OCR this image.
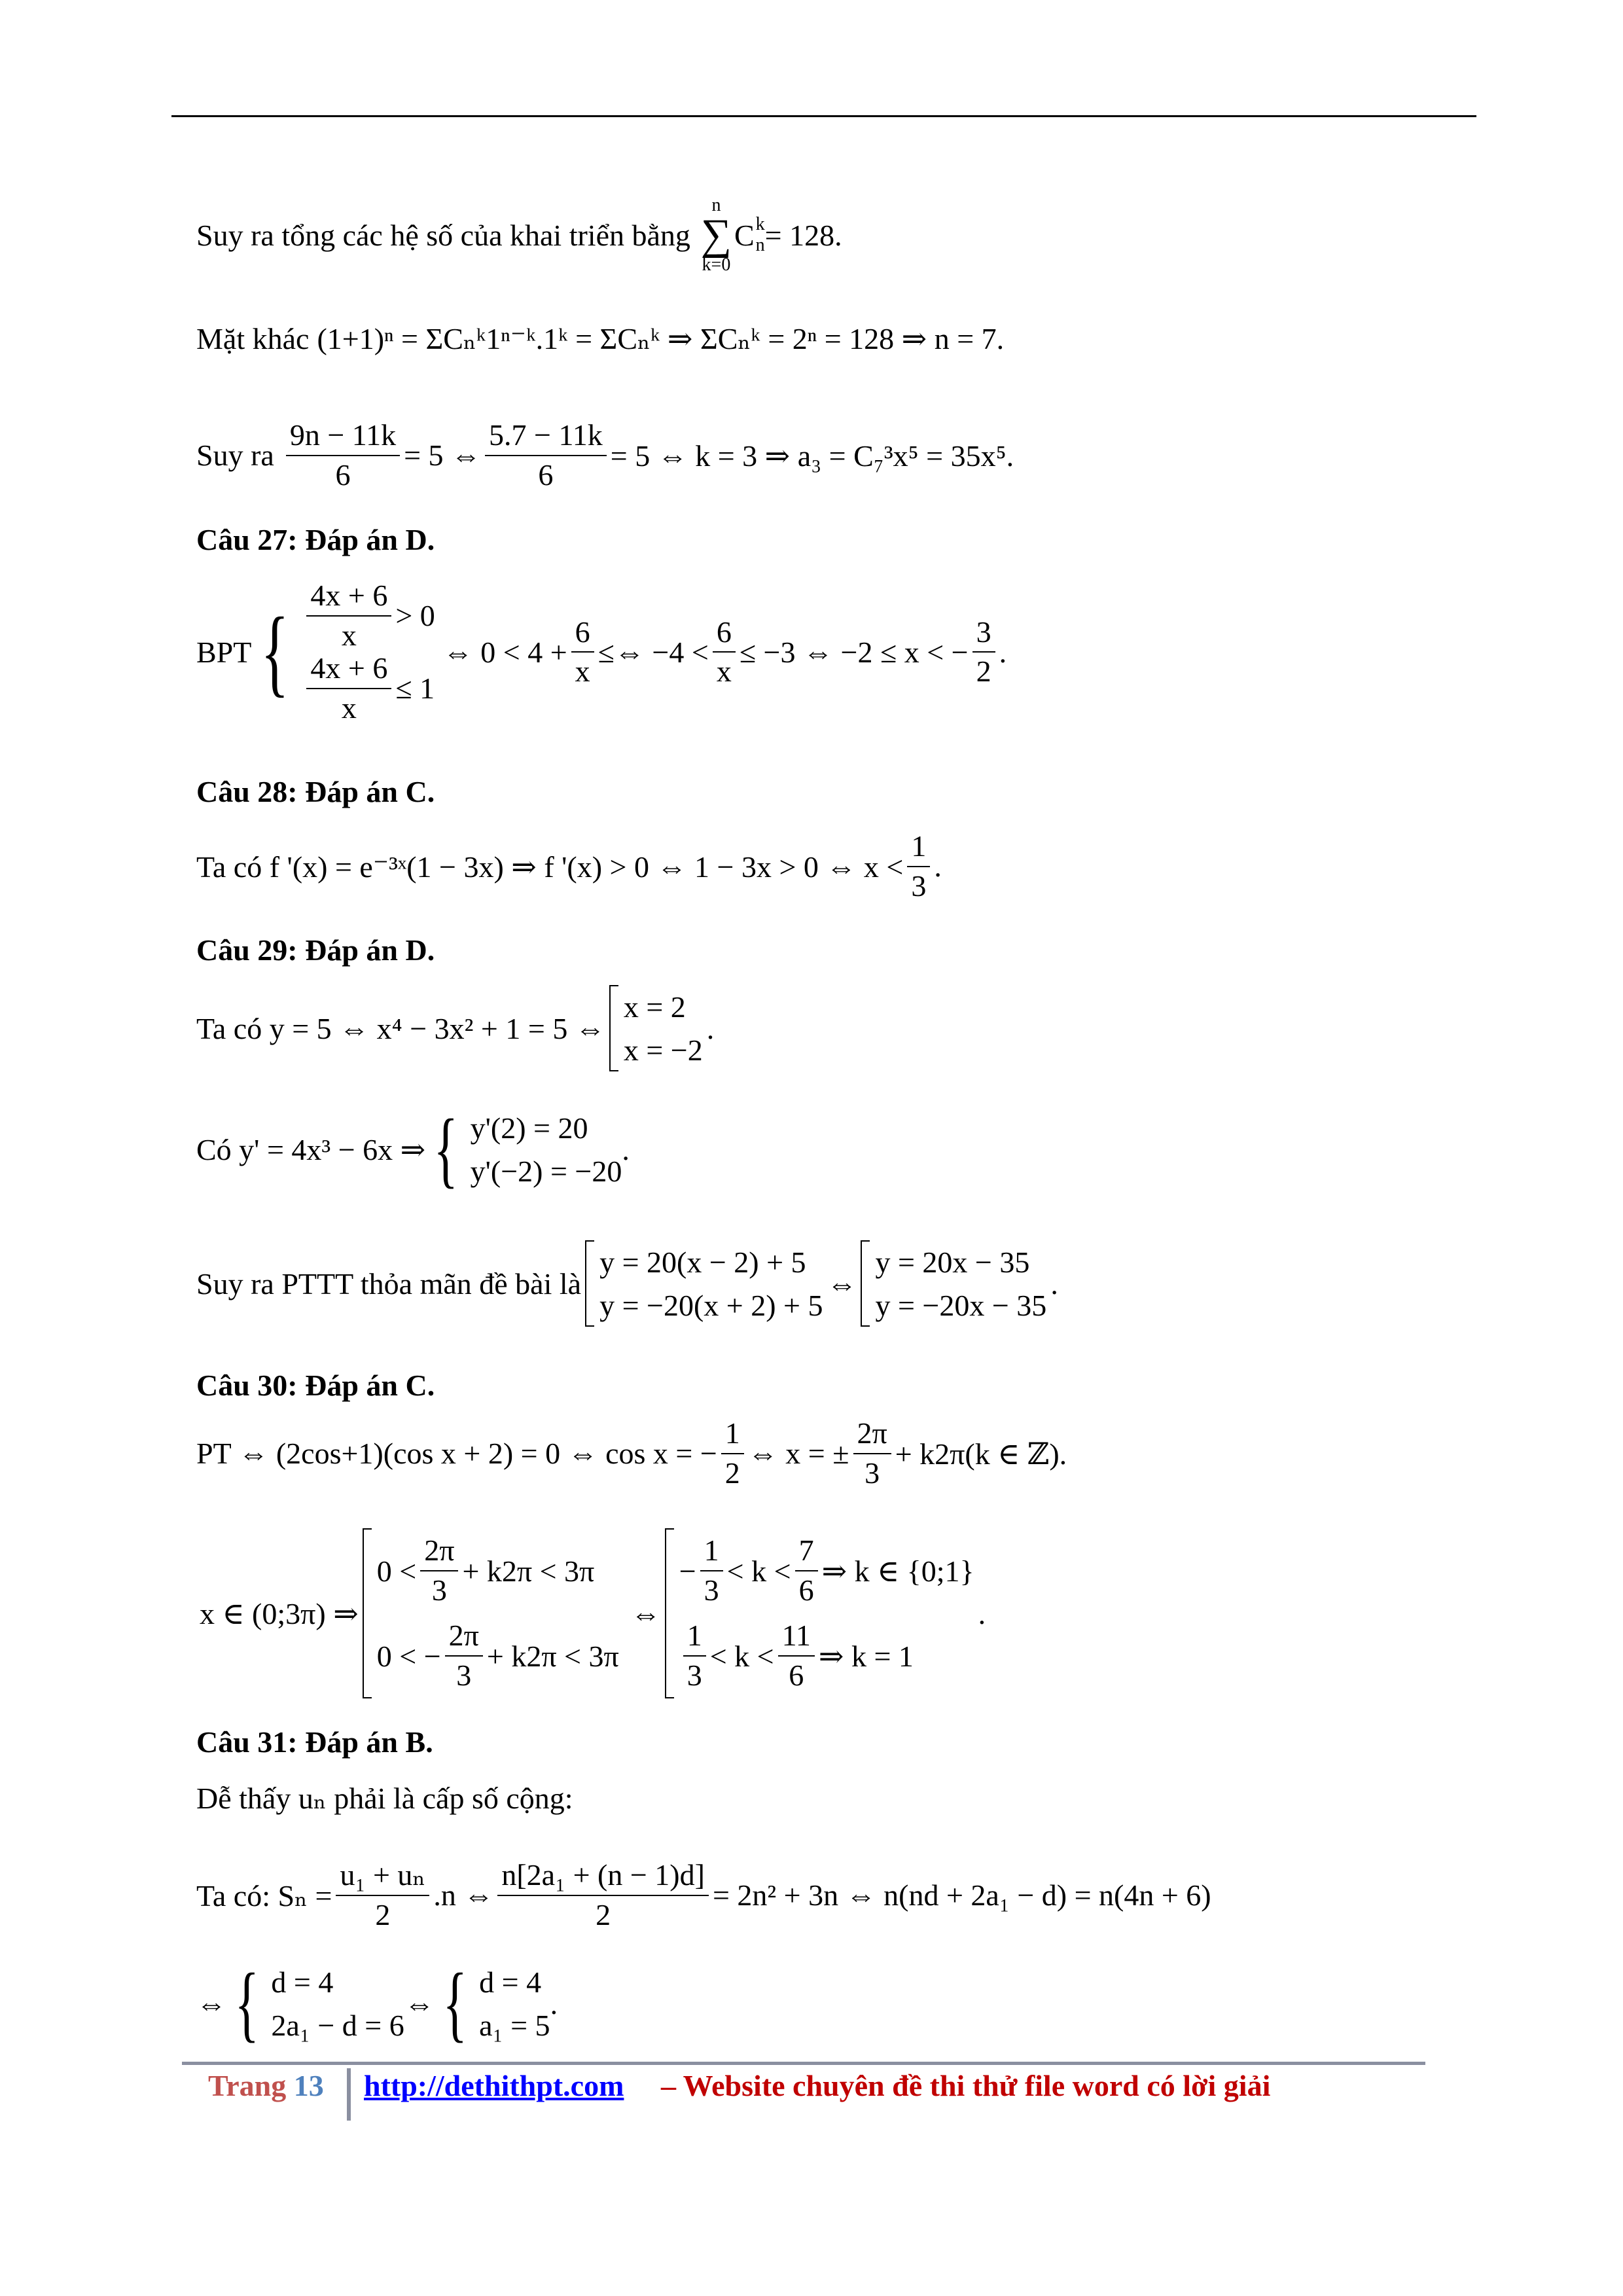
Suy ra tổng các hệ số của khai triển bằng
n
∑
k=0
C k
n = 128.
Mặt khác (1+1)ⁿ = ΣCₙᵏ1ⁿ⁻ᵏ.1ᵏ = ΣCₙᵏ ⇒ ΣCₙᵏ = 2ⁿ = 128 ⇒ n = 7.
Suy ra $\frac{9n - 11k}{6} = 5$ ⇔ $\frac{5.7 - 11k}{6} = 5$ ⇔ k = 3 ⇒ a₃ = C₇³x⁵ = 35x⁵.
Câu 27: Đáp án D.
BPT { $\frac{4x + 6}{x} > 0$
$\frac{4x + 6}{x} \le 1$
⇔ $0 < 4 + \frac{6}{x}$ ≤⇔ $-4 < \frac{6}{x} \le -3$ ⇔ −2 ≤ x < − $\frac{3}{2}$ .
Câu 28: Đáp án C.
Ta có f '(x) = e⁻³ˣ(1 − 3x) ⇒ f '(x) > 0 ⇔ 1 − 3x > 0 ⇔ $x < \frac{1}{3}$ .
Câu 29: Đáp án D.
Ta có y = 5 ⇔ x⁴ − 3x² + 1 = 5 ⇔
x = 2
x = −2
.
Có y' = 4x³ − 6x ⇒ { y'(2) = 20
y'(−2) = −20
.
Suy ra PTTT thỏa mãn đề bài là
y = 20(x − 2) + 5
y = −20(x + 2) + 5
⇔
y = 20x − 35
y = −20x − 35
.
Câu 30: Đáp án C.
PT ⇔ (2cos+1)(cos x + 2) = 0 ⇔ cos x = − $\frac{1}{2}$ ⇔ x = ± $\frac{2\pi}{3} + k2\pi(k$ ∈ ℤ).
x ∈ (0;3π) ⇒
$0 < \frac{2\pi}{3} + k2\pi < 3\pi$
0 < − $\frac{2\pi}{3} + k2\pi < 3\pi$
⇔
− $\frac{1}{3} < k < \frac{7}{6}$ ⇒ k ∈ {0;1}
$\frac{1}{3} < k < \frac{11}{6}$ ⇒ k = 1
.
Câu 31: Đáp án B.
Dễ thấy uₙ phải là cấp số cộng:
Ta có: $S_n = \frac{\text{u₁ + uₙ}}{2} .n$ ⇔ $\frac{\text{n[2a₁ + (n − 1)d]}}{2} = 2n^2 + 3n$ ⇔ n(nd + 2a₁ − d) = n(4n + 6)
⇔ { d = 4
2a₁ − d = 6
⇔ { d = 4
a₁ = 5
.
Trang 13 http://dethithpt.com – Website chuyên đề thi thử file word có lời giải
